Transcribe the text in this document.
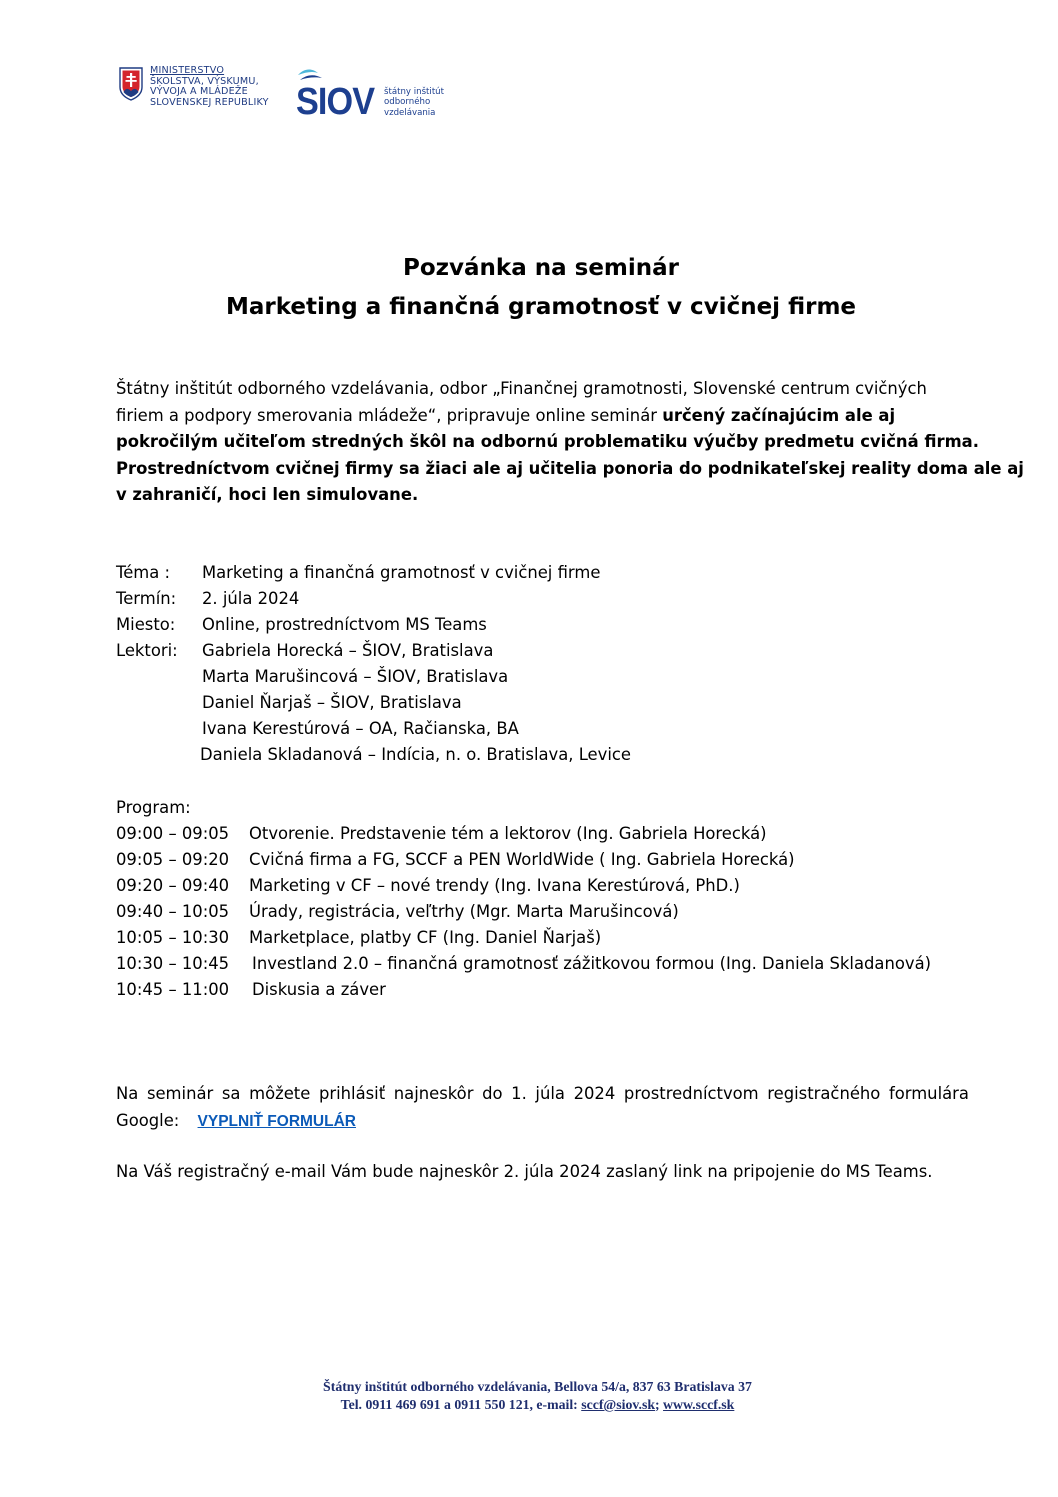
MINISTERSTVO
ŠKOLSTVA, VÝSKUMU,
VÝVOJA A MLÁDEŽE
SLOVENSKEJ REPUBLIKY SIOV štátny inštitút
odborného
vzdelávania
Pozvánka na seminár
Marketing a finančná gramotnosť v cvičnej firme
Štátny inštitút odborného vzdelávania, odbor „Finančnej gramotnosti, Slovenské centrum cvičných
firiem a podpory smerovania mládeže“, pripravuje online seminár určený začínajúcim ale aj
pokročilým učiteľom stredných škôl na odbornú problematiku výučby predmetu cvičná firma.
Prostredníctvom cvičnej firmy sa žiaci ale aj učitelia ponoria do podnikateľskej reality doma ale aj
v zahraničí, hoci len simulovane.
Téma : Marketing a finančná gramotnosť v cvičnej firme
Termín: 2. júla 2024
Miesto: Online, prostredníctvom MS Teams
Lektori: Gabriela Horecká – ŠIOV, Bratislava
Marta Marušincová – ŠIOV, Bratislava
Daniel Ňarjaš – ŠIOV, Bratislava
Ivana Kerestúrová – OA, Račianska, BA
Daniela Skladanová – Indícia, n. o. Bratislava, Levice
Program:
09:00 – 09:05 Otvorenie. Predstavenie tém a lektorov (Ing. Gabriela Horecká)
09:05 – 09:20 Cvičná firma a FG, SCCF a PEN WorldWide ( Ing. Gabriela Horecká)
09:20 – 09:40 Marketing v CF – nové trendy (Ing. Ivana Kerestúrová, PhD.)
09:40 – 10:05 Úrady, registrácia, veľtrhy (Mgr. Marta Marušincová)
10:05 – 10:30 Marketplace, platby CF (Ing. Daniel Ňarjaš)
10:30 – 10:45 Investland 2.0 – finančná gramotnosť zážitkovou formou (Ing. Daniela Skladanová)
10:45 – 11:00 Diskusia a záver
Na seminár sa môžete prihlásiť najneskôr do 1. júla 2024 prostredníctvom registračného formulára
Google: VYPLNIŤ FORMULÁR
Na Váš registračný e-mail Vám bude najneskôr 2. júla 2024 zaslaný link na pripojenie do MS Teams.
Štátny inštitút odborného vzdelávania, Bellova 54/a, 837 63 Bratislava 37
Tel. 0911 469 691 a 0911 550 121, e-mail: sccf@siov.sk; www.sccf.sk
